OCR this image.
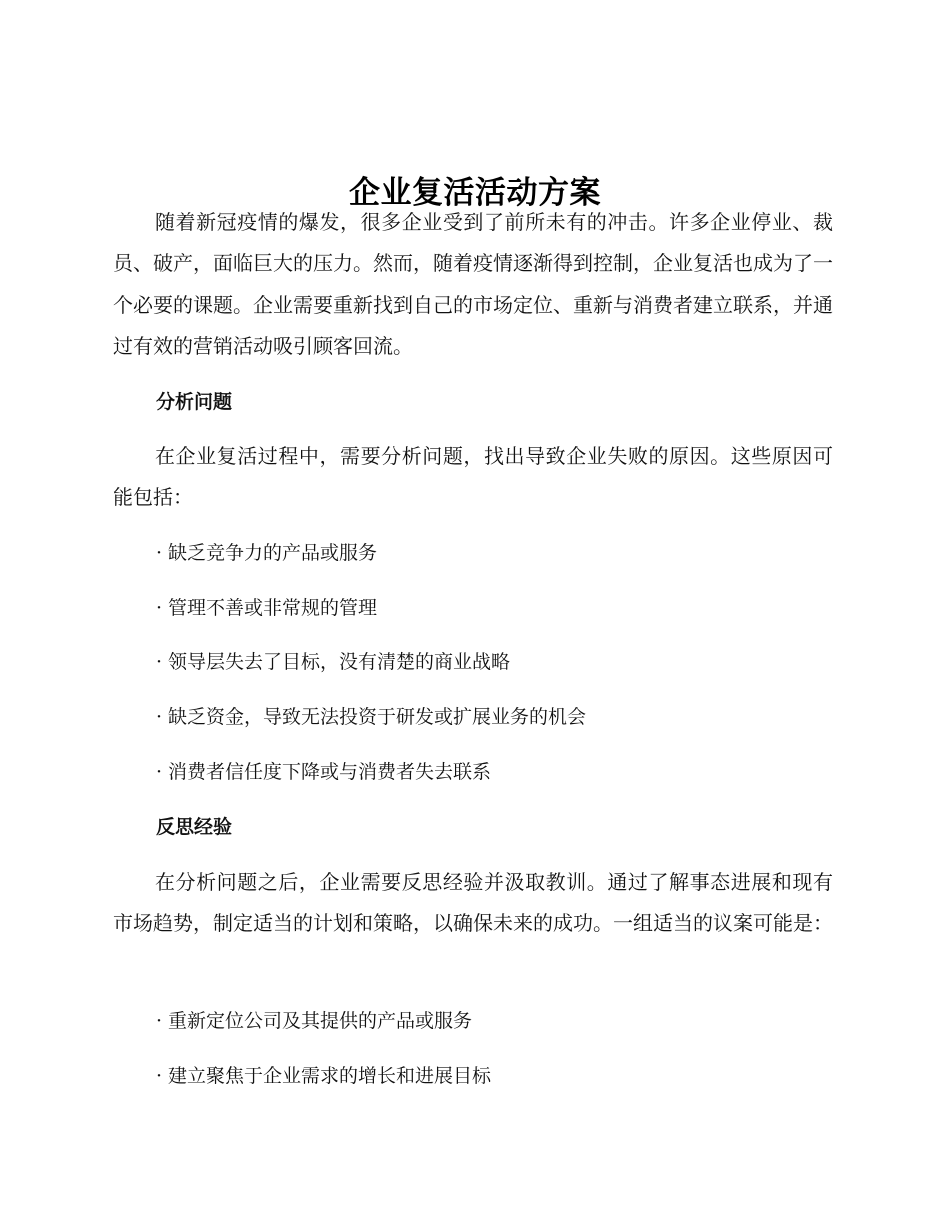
企业复活活动方案

随着新冠疫情的爆发，很多企业受到了前所未有的冲击。许多企业停业、裁员、破产，面临巨大的压力。然而，随着疫情逐渐得到控制，企业复活也成为了一个必要的课题。企业需要重新找到自己的市场定位、重新与消费者建立联系，并通过有效的营销活动吸引顾客回流。

分析问题

在企业复活过程中，需要分析问题，找出导致企业失败的原因。这些原因可能包括：

· 缺乏竞争力的产品或服务
· 管理不善或非常规的管理
· 领导层失去了目标，没有清楚的商业战略
· 缺乏资金，导致无法投资于研发或扩展业务的机会
· 消费者信任度下降或与消费者失去联系
反思经验

在分析问题之后，企业需要反思经验并汲取教训。通过了解事态进展和现有市场趋势，制定适当的计划和策略，以确保未来的成功。一组适当的议案可能是：

· 重新定位公司及其提供的产品或服务
· 建立聚焦于企业需求的增长和进展目标
